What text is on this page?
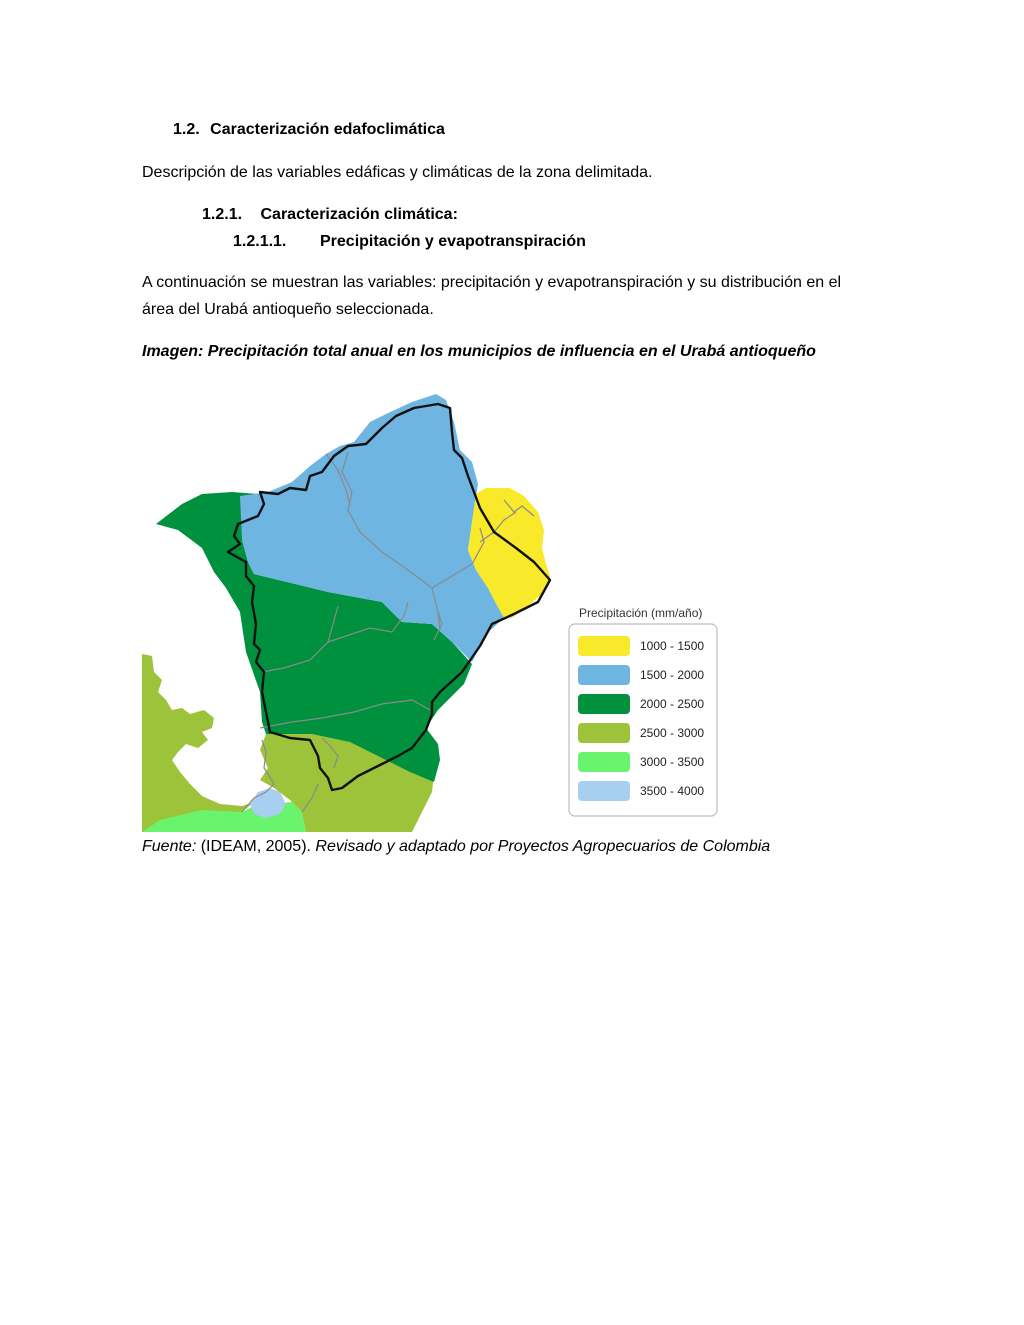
1.2. Caracterización edafoclimática
Descripción de las variables edáficas y climáticas de la zona delimitada.
1.2.1. Caracterización climática:
1.2.1.1. Precipitación y evapotranspiración
A continuación se muestran las variables: precipitación y evapotranspiración y su distribución en el
área del Urabá antioqueño seleccionada.
Imagen: Precipitación total anual en los municipios de influencia en el Urabá antioqueño
Precipitación (mm/año)
1000 - 1500
1500 - 2000
2000 - 2500
2500 - 3000
3000 - 3500
3500 - 4000
Fuente: (IDEAM, 2005). Revisado y adaptado por Proyectos Agropecuarios de Colombia
